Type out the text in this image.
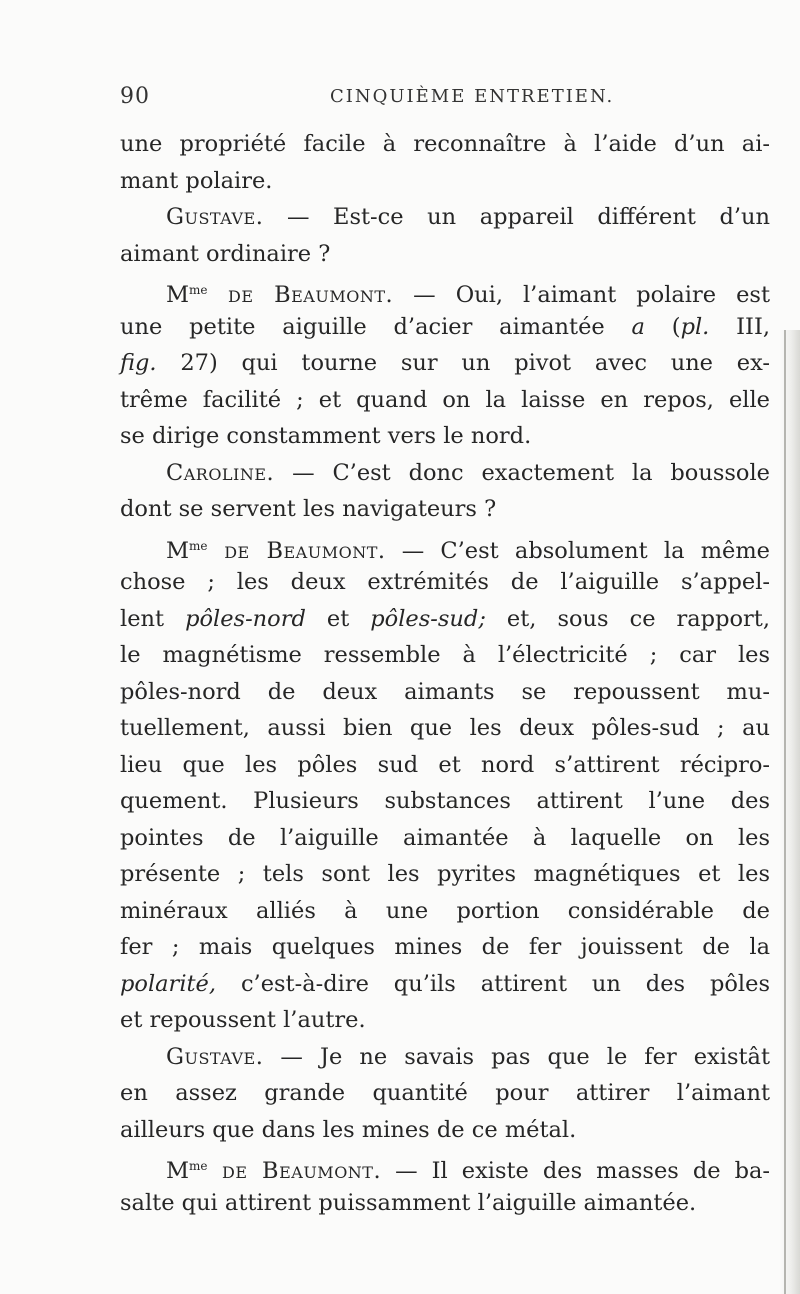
90	CINQUIÈME ENTRETIEN.
une propriété facile à reconnaître à l’aide d’un ai-
mant polaire.
Gustave. — Est-ce un appareil différent d’un
aimant ordinaire ?
$M^{me}$ de Beaumont. — Oui, l’aimant polaire est
une petite aiguille d’acier aimantée a (pl. III,
fig. 27) qui tourne sur un pivot avec une ex-
trême facilité ; et quand on la laisse en repos, elle
se dirige constamment vers le nord.
Caroline. — C’est donc exactement la boussole
dont se servent les navigateurs ?
$M^{me}$ de Beaumont. — C’est absolument la même
chose ; les deux extrémités de l’aiguille s’appel-
lent pôles-nord et pôles-sud; et, sous ce rapport,
le magnétisme ressemble à l’électricité ; car les
pôles-nord de deux aimants se repoussent mu-
tuellement, aussi bien que les deux pôles-sud ; au
lieu que les pôles sud et nord s’attirent récipro-
quement. Plusieurs substances attirent l’une des
pointes de l’aiguille aimantée à laquelle on les
présente ; tels sont les pyrites magnétiques et les
minéraux alliés à une portion considérable de
fer ; mais quelques mines de fer jouissent de la
polarité, c’est-à-dire qu’ils attirent un des pôles
et repoussent l’autre.
Gustave. — Je ne savais pas que le fer existât
en assez grande quantité pour attirer l’aimant
ailleurs que dans les mines de ce métal.
$M^{me}$ de Beaumont. — Il existe des masses de ba-
salte qui attirent puissamment l’aiguille aimantée.
